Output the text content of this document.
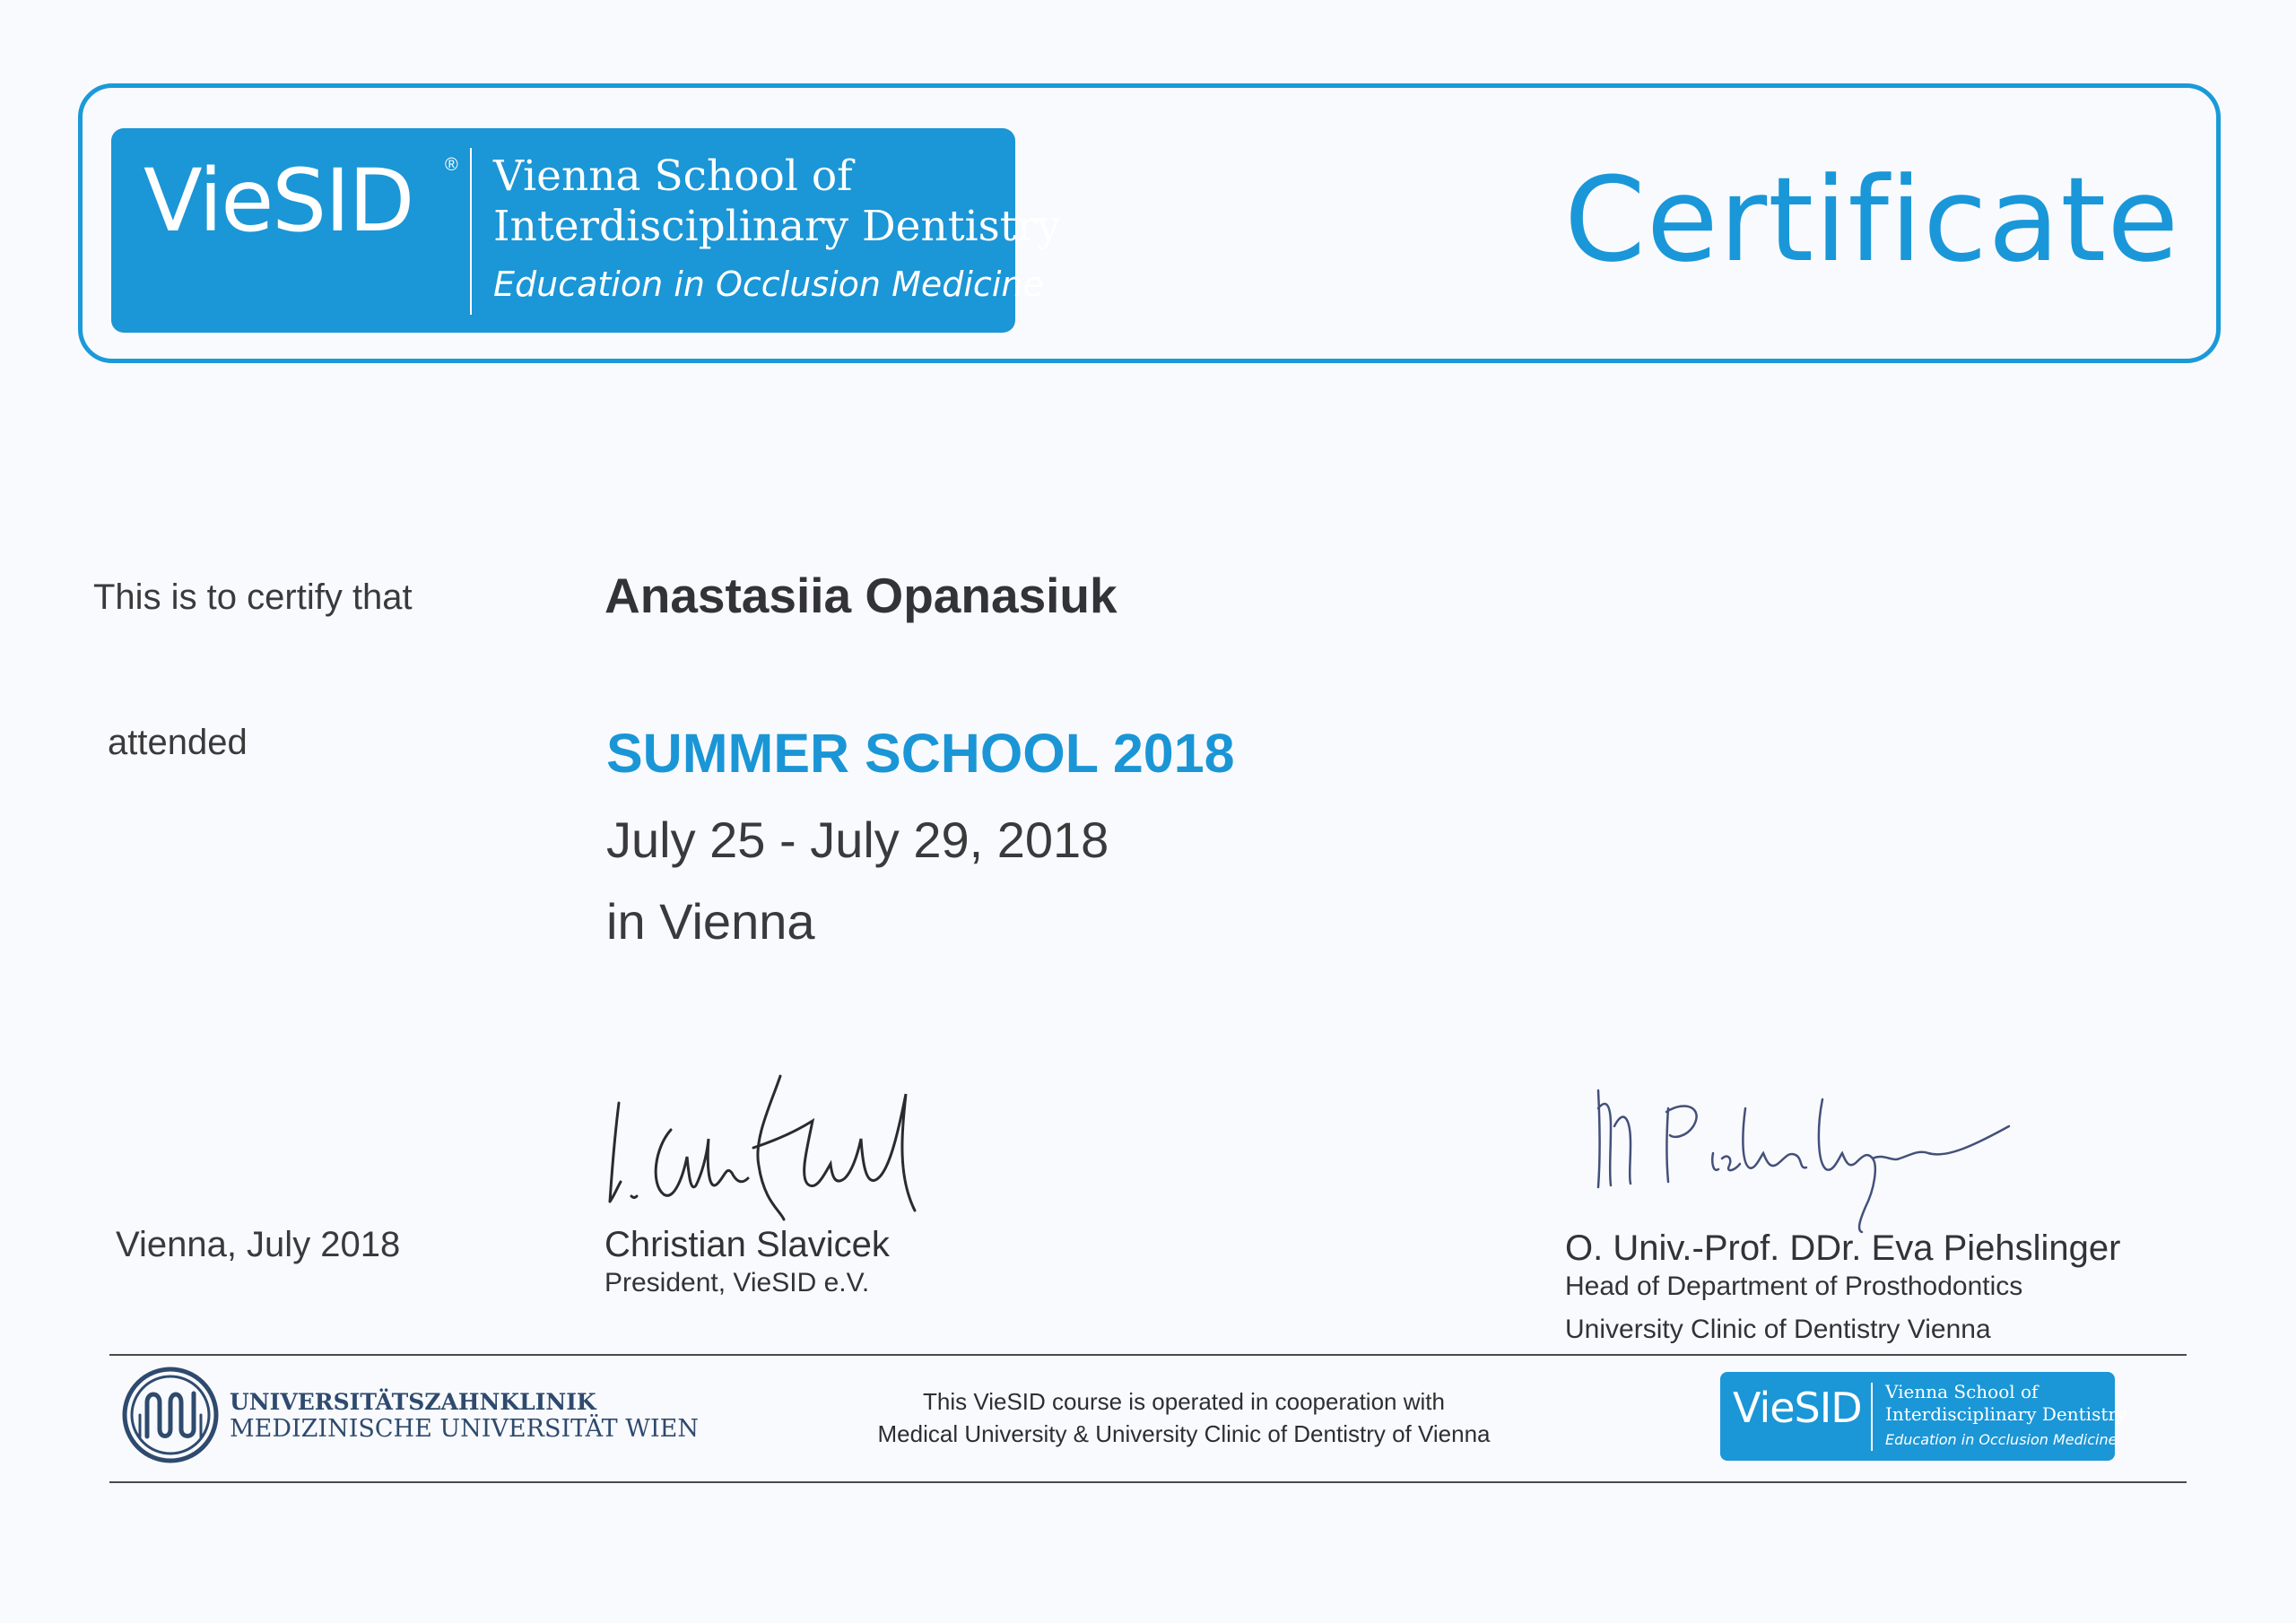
VieSID ® Vienna School of
Interdisciplinary Dentistry
Education in Occlusion Medicine	Certificate
This is to certify that	Anastasiia Opanasiuk
attended	SUMMER SCHOOL 2018
July 25 - July 29, 2018
in Vienna
Vienna, July 2018	Christian Slavicek
President, VieSID e.V.
O. Univ.-Prof. DDr. Eva Piehslinger
Head of Department of Prosthodontics
University Clinic of Dentistry Vienna
UNIVERSITÄTSZAHNKLINIK
MEDIZINISCHE UNIVERSITÄT WIEN
This VieSID course is operated in cooperation with
Medical University & University Clinic of Dentistry of Vienna
VieSID Vienna School of
Interdisciplinary Dentistry
Education in Occlusion Medicine
